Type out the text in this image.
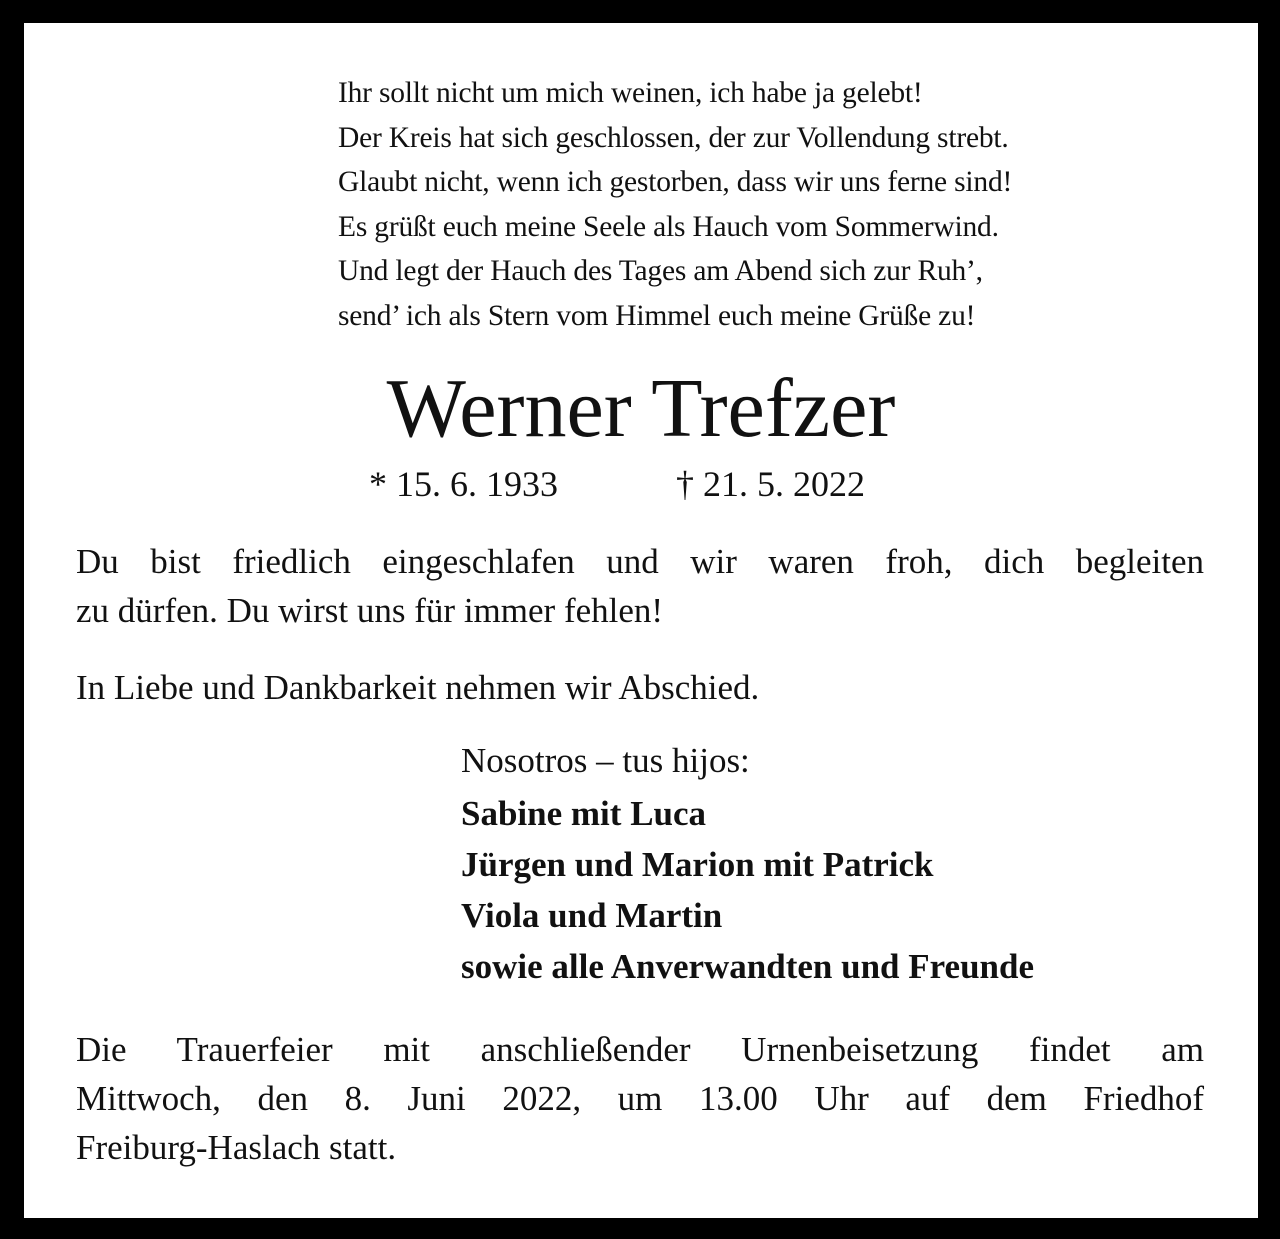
Ihr sollt nicht um mich weinen, ich habe ja gelebt!
Der Kreis hat sich geschlossen, der zur Vollendung strebt.
Glaubt nicht, wenn ich gestorben, dass wir uns ferne sind!
Es grüßt euch meine Seele als Hauch vom Sommerwind.
Und legt der Hauch des Tages am Abend sich zur Ruh’,
send’ ich als Stern vom Himmel euch meine Grüße zu!
Werner Trefzer
* 15. 6. 1933	† 21. 5. 2022
Du bist friedlich eingeschlafen und wir waren froh, dich begleiten
zu dürfen. Du wirst uns für immer fehlen!
In Liebe und Dankbarkeit nehmen wir Abschied.
Nosotros – tus hijos:
Sabine mit Luca
Jürgen und Marion mit Patrick
Viola und Martin
sowie alle Anverwandten und Freunde
Die Trauerfeier mit anschließender Urnenbeisetzung findet am
Mittwoch, den 8. Juni 2022, um 13.00 Uhr auf dem Friedhof
Freiburg-Haslach statt.
